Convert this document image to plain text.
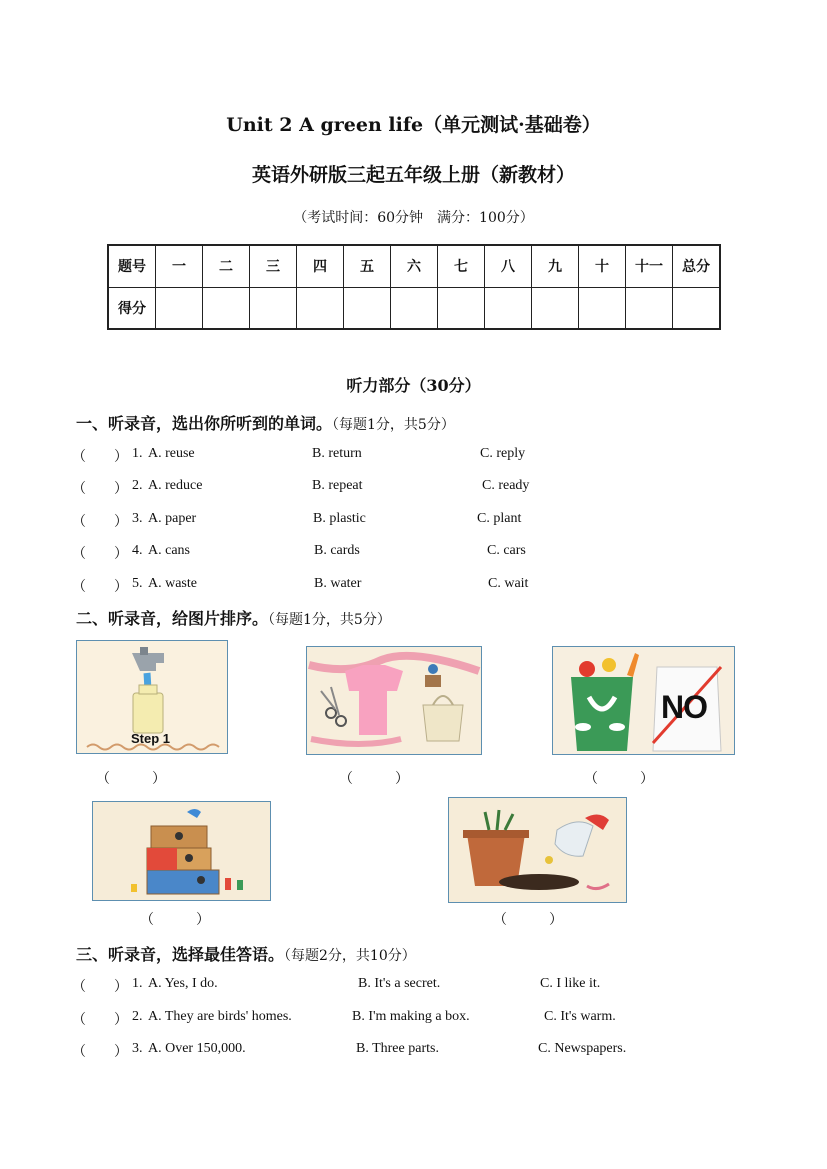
Unit 2 A green life（单元测试·基础卷）
英语外研版三起五年级上册（新教材）
（考试时间：60分钟　满分：100分）
题号	一	二	三	四	五	六	七	八	九	十	十一	总分
得分												
听力部分（30分）
一、听录音，选出你所听到的单词。（每题1分，共5分）
（　　） 1. A. reuse	B. return	C. reply
（　　） 2. A. reduce	B. repeat	C. ready
（　　） 3. A. paper	B. plastic	C. plant
（　　） 4. A. cans	B. cards	C. cars
（　　） 5. A. waste	B. water	C. wait
二、听录音，给图片排序。（每题1分，共5分）
Step 1
（　　　）	（　　　）
NO
（　　　）
（　　　）	（　　　）
三、听录音，选择最佳答语。（每题2分，共10分）
（　　） 1. A. Yes, I do.	B. It's a secret.	C. I like it.
（　　） 2. A. They are birds' homes.	B. I'm making a box.	C. It's warm.
（　　） 3. A. Over 150,000.	B. Three parts.	C. Newspapers.
